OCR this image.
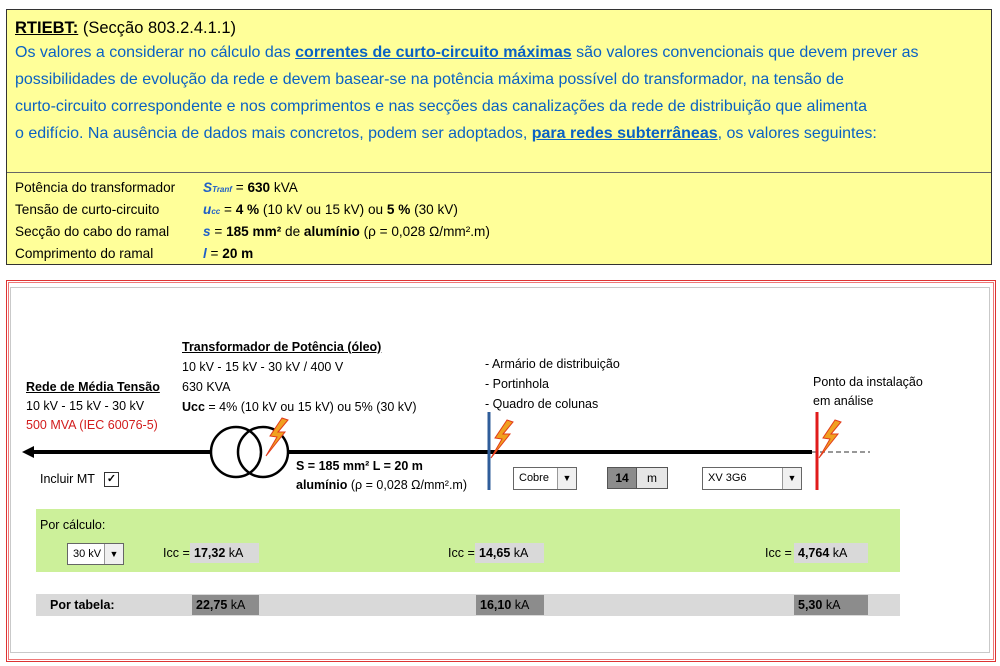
RTIEBT: (Secção 803.2.4.1.1)
Os valores a considerar no cálculo das correntes de curto-circuito máximas são valores convencionais que devem prever as
possibilidades de evolução da rede e devem basear-se na potência máxima possível do transformador, na tensão de
curto-circuito correspondente e nos comprimentos e nas secções das canalizações da rede de distribuição que alimenta
o edifício. Na ausência de dados mais concretos, podem ser adoptados, para redes subterrâneas, os valores seguintes:
Potência do transformador STranf = 630 kVA
Tensão de curto-circuito	ucc = 4 % (10 kV ou 15 kV) ou 5 % (30 kV)
Secção do cabo do ramal s = 185 mm² de alumínio (ρ = 0,028 Ω/mm².m)
Comprimento do ramal	l = 20 m
Rede de Média Tensão
10 kV - 15 kV - 30 kV
500 MVA (IEC 60076-5)
Incluir MT ✓
Transformador de Potência (óleo)
10 kV - 15 kV - 30 kV / 400 V
630 KVA
Ucc = 4% (10 kV ou 15 kV) ou 5% (30 kV)
S = 185 mm² L = 20 m
alumínio (ρ = 0,028 Ω/mm².m)
- Armário de distribuição
- Portinhola
- Quadro de colunas
Ponto da instalação
em análise
Cobre	▼	14	m	XV 3G6	▼
Por cálculo:
30 kV ▼	Icc = 17,32 kA	Icc = 14,65 kA	Icc = 4,764 kA
Por tabela:	22,75 kA	16,10 kA	5,30 kA
